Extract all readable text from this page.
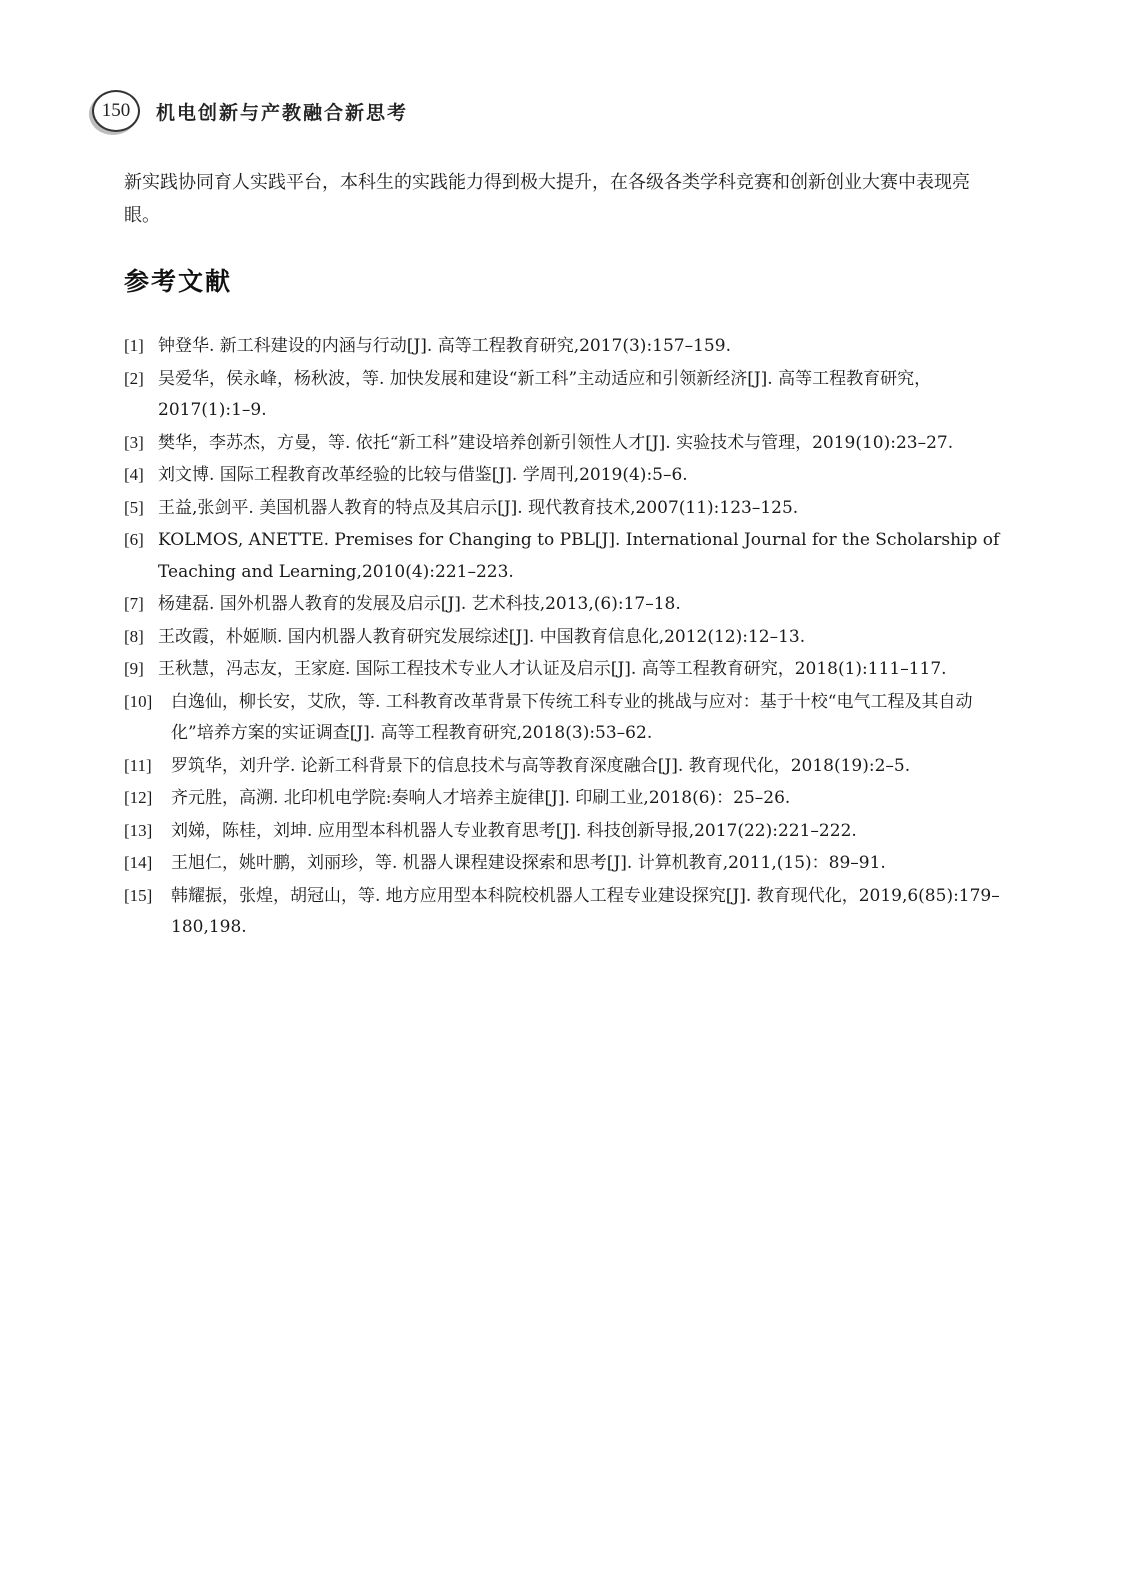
150	机电创新与产教融合新思考

新实践协同育人实践平台，本科生的实践能力得到极大提升，在各级各类学科竞赛和创新创业大赛中表现亮眼。

参考文献
[1] 钟登华. 新工科建设的内涵与行动[J]. 高等工程教育研究,2017(3):157–159.
[2] 吴爱华，侯永峰，杨秋波，等. 加快发展和建设“新工科”主动适应和引领新经济[J]. 高等工程教育研究，2017(1):1–9.
[3] 樊华，李苏杰，方曼，等. 依托“新工科”建设培养创新引领性人才[J]. 实验技术与管理，2019(10):23–27.
[4] 刘文博. 国际工程教育改革经验的比较与借鉴[J]. 学周刊,2019(4):5–6.
[5] 王益,张剑平. 美国机器人教育的特点及其启示[J]. 现代教育技术,2007(11):123–125.
[6] KOLMOS, ANETTE. Premises for Changing to PBL[J]. International Journal for the Scholarship of Teaching and Learning,2010(4):221–223.
[7] 杨建磊. 国外机器人教育的发展及启示[J]. 艺术科技,2013,(6):17–18.
[8] 王改霞，朴姬顺. 国内机器人教育研究发展综述[J]. 中国教育信息化,2012(12):12–13.
[9] 王秋慧，冯志友，王家庭. 国际工程技术专业人才认证及启示[J]. 高等工程教育研究，2018(1):111–117.
[10] 白逸仙，柳长安，艾欣，等. 工科教育改革背景下传统工科专业的挑战与应对：基于十校“电气工程及其自动化”培养方案的实证调查[J]. 高等工程教育研究,2018(3):53–62.
[11] 罗筑华，刘升学. 论新工科背景下的信息技术与高等教育深度融合[J]. 教育现代化，2018(19):2–5.
[12] 齐元胜，高溯. 北印机电学院:奏响人才培养主旋律[J]. 印刷工业,2018(6)：25–26.
[13] 刘娣，陈桂，刘坤. 应用型本科机器人专业教育思考[J]. 科技创新导报,2017(22):221–222.
[14] 王旭仁，姚叶鹏，刘丽珍，等. 机器人课程建设探索和思考[J]. 计算机教育,2011,(15)：89–91.
[15] 韩耀振，张煌，胡冠山，等. 地方应用型本科院校机器人工程专业建设探究[J]. 教育现代化，2019,6(85):179–180,198.
